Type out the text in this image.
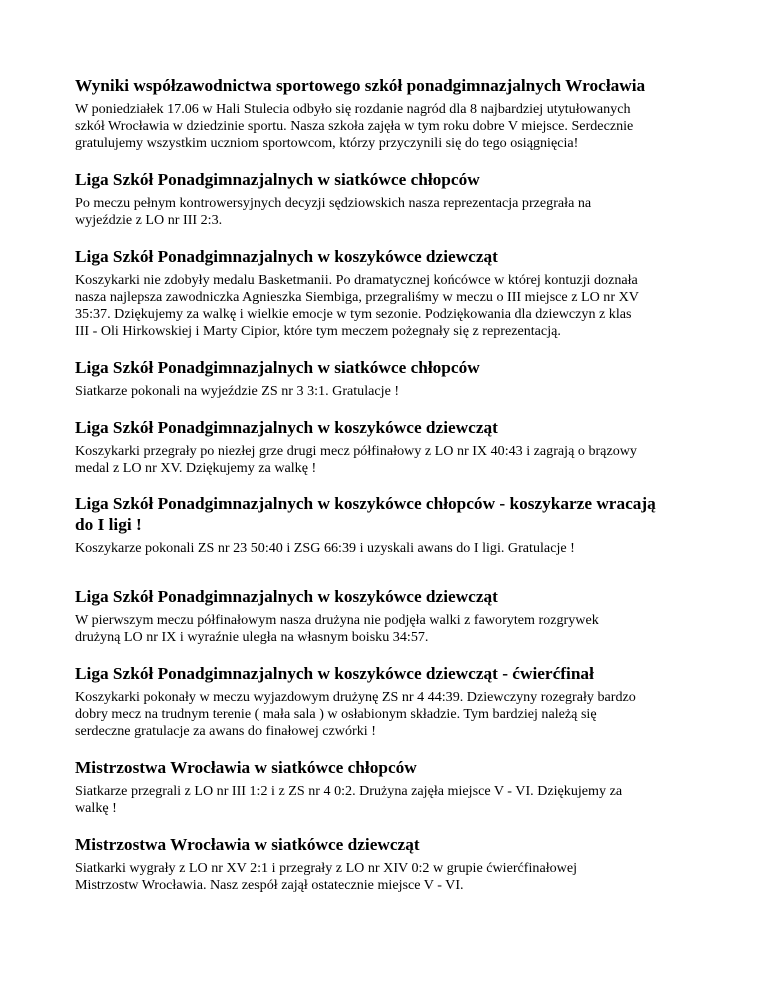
Wyniki współzawodnictwa sportowego szkół ponadgimnazjalnych Wrocławia

W poniedziałek 17.06 w Hali Stulecia odbyło się rozdanie nagród dla 8 najbardziej utytułowanych
szkół Wrocławia w dziedzinie sportu. Nasza szkoła zajęła w tym roku dobre V miejsce. Serdecznie
gratulujemy wszystkim uczniom sportowcom, którzy przyczynili się do tego osiągnięcia!

Liga Szkół Ponadgimnazjalnych w siatkówce chłopców

Po meczu pełnym kontrowersyjnych decyzji sędziowskich nasza reprezentacja przegrała na
wyjeździe z LO nr III 2:3.

Liga Szkół Ponadgimnazjalnych w koszykówce dziewcząt

Koszykarki nie zdobyły medalu Basketmanii. Po dramatycznej końcówce w której kontuzji doznała
nasza najlepsza zawodniczka Agnieszka Siembiga, przegraliśmy w meczu o III miejsce z LO nr XV
35:37. Dziękujemy za walkę i wielkie emocje w tym sezonie. Podziękowania dla dziewczyn z klas
III - Oli Hirkowskiej i Marty Cipior, które tym meczem pożegnały się z reprezentacją.

Liga Szkół Ponadgimnazjalnych w siatkówce chłopców

Siatkarze pokonali na wyjeździe ZS nr 3 3:1. Gratulacje !

Liga Szkół Ponadgimnazjalnych w koszykówce dziewcząt

Koszykarki przegrały po niezłej grze drugi mecz półfinałowy z LO nr IX 40:43 i zagrają o brązowy
medal z LO nr XV. Dziękujemy za walkę !

Liga Szkół Ponadgimnazjalnych w koszykówce chłopców - koszykarze wracają
do I ligi !

Koszykarze pokonali ZS nr 23 50:40 i ZSG 66:39 i uzyskali awans do I ligi. Gratulacje !

Liga Szkół Ponadgimnazjalnych w koszykówce dziewcząt

W pierwszym meczu półfinałowym nasza drużyna nie podjęła walki z faworytem rozgrywek
drużyną LO nr IX i wyraźnie uległa na własnym boisku 34:57.

Liga Szkół Ponadgimnazjalnych w koszykówce dziewcząt - ćwierćfinał

Koszykarki pokonały w meczu wyjazdowym drużynę ZS nr 4 44:39. Dziewczyny rozegrały bardzo
dobry mecz na trudnym terenie ( mała sala ) w osłabionym składzie. Tym bardziej należą się
serdeczne gratulacje za awans do finałowej czwórki !

Mistrzostwa Wrocławia w siatkówce chłopców

Siatkarze przegrali z LO nr III 1:2 i z ZS nr 4 0:2. Drużyna zajęła miejsce V - VI. Dziękujemy za
walkę !

Mistrzostwa Wrocławia w siatkówce dziewcząt

Siatkarki wygrały z LO nr XV 2:1 i przegrały z LO nr XIV 0:2 w grupie ćwierćfinałowej
Mistrzostw Wrocławia. Nasz zespół zajął ostatecznie miejsce V - VI.
